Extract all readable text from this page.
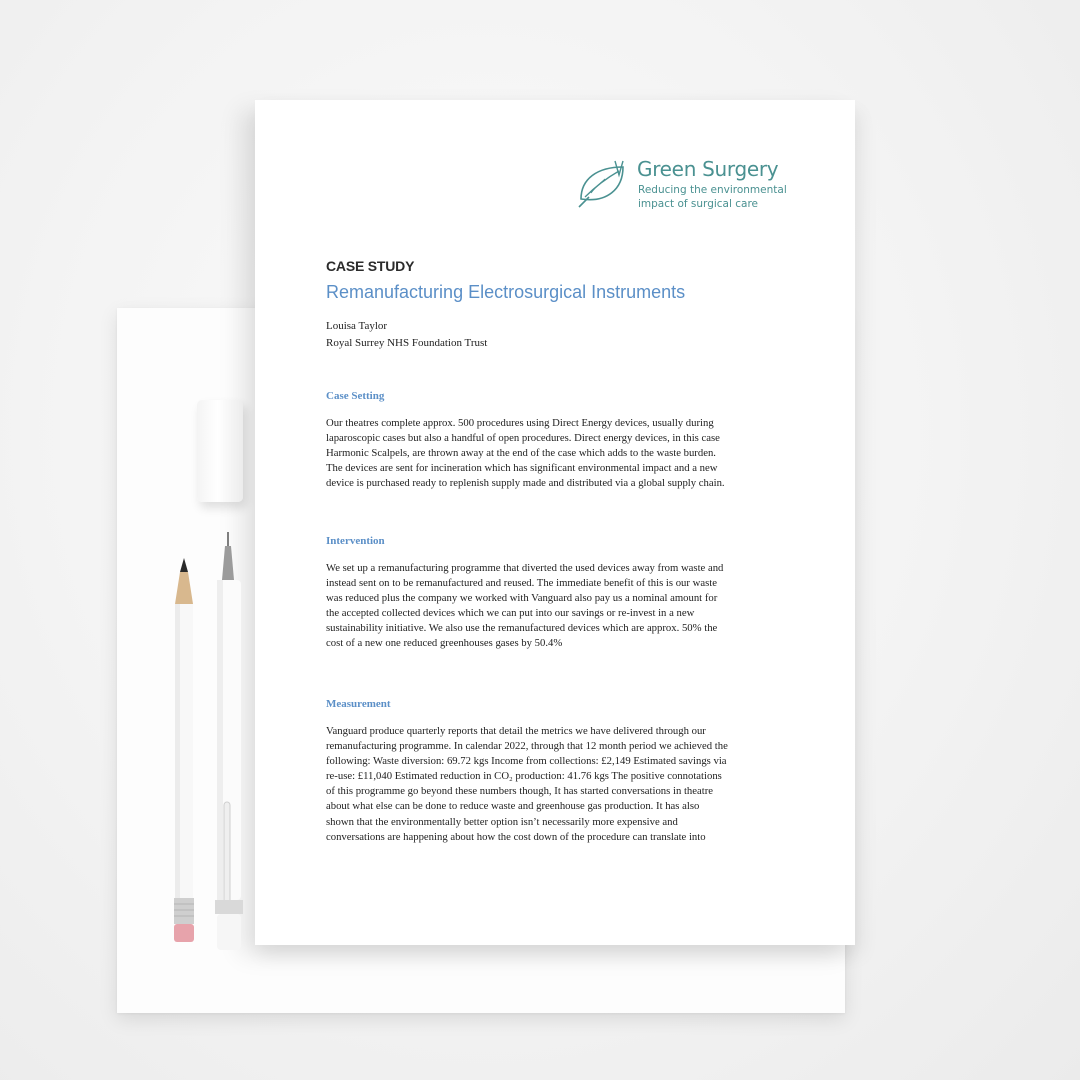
Green Surgery
Reducing the environmental impact of surgical care
CASE STUDY
Remanufacturing Electrosurgical Instruments
Louisa Taylor
Royal Surrey NHS Foundation Trust
Case Setting

Our theatres complete approx. 500 procedures using Direct Energy devices, usually during

laparoscopic cases but also a handful of open procedures. Direct energy devices, in this case

Harmonic Scalpels, are thrown away at the end of the case which adds to the waste burden.

The devices are sent for incineration which has significant environmental impact and a new

device is purchased ready to replenish supply made and distributed via a global supply chain.

Intervention

We set up a remanufacturing programme that diverted the used devices away from waste and

instead sent on to be remanufactured and reused. The immediate benefit of this is our waste

was reduced plus the company we worked with Vanguard also pay us a nominal amount for

the accepted collected devices which we can put into our savings or re-invest in a new

sustainability initiative. We also use the remanufactured devices which are approx. 50% the

cost of a new one reduced greenhouses gases by 50.4%

Measurement

Vanguard produce quarterly reports that detail the metrics we have delivered through our

remanufacturing programme. In calendar 2022, through that 12 month period we achieved the

following: Waste diversion: 69.72 kgs Income from collections: £2,149 Estimated savings via

re-use: £11,040 Estimated reduction in CO₂ production: 41.76 kgs The positive connotations

of this programme go beyond these numbers though, It has started conversations in theatre

about what else can be done to reduce waste and greenhouse gas production. It has also

shown that the environmentally better option isn’t necessarily more expensive and

conversations are happening about how the cost down of the procedure can translate into
